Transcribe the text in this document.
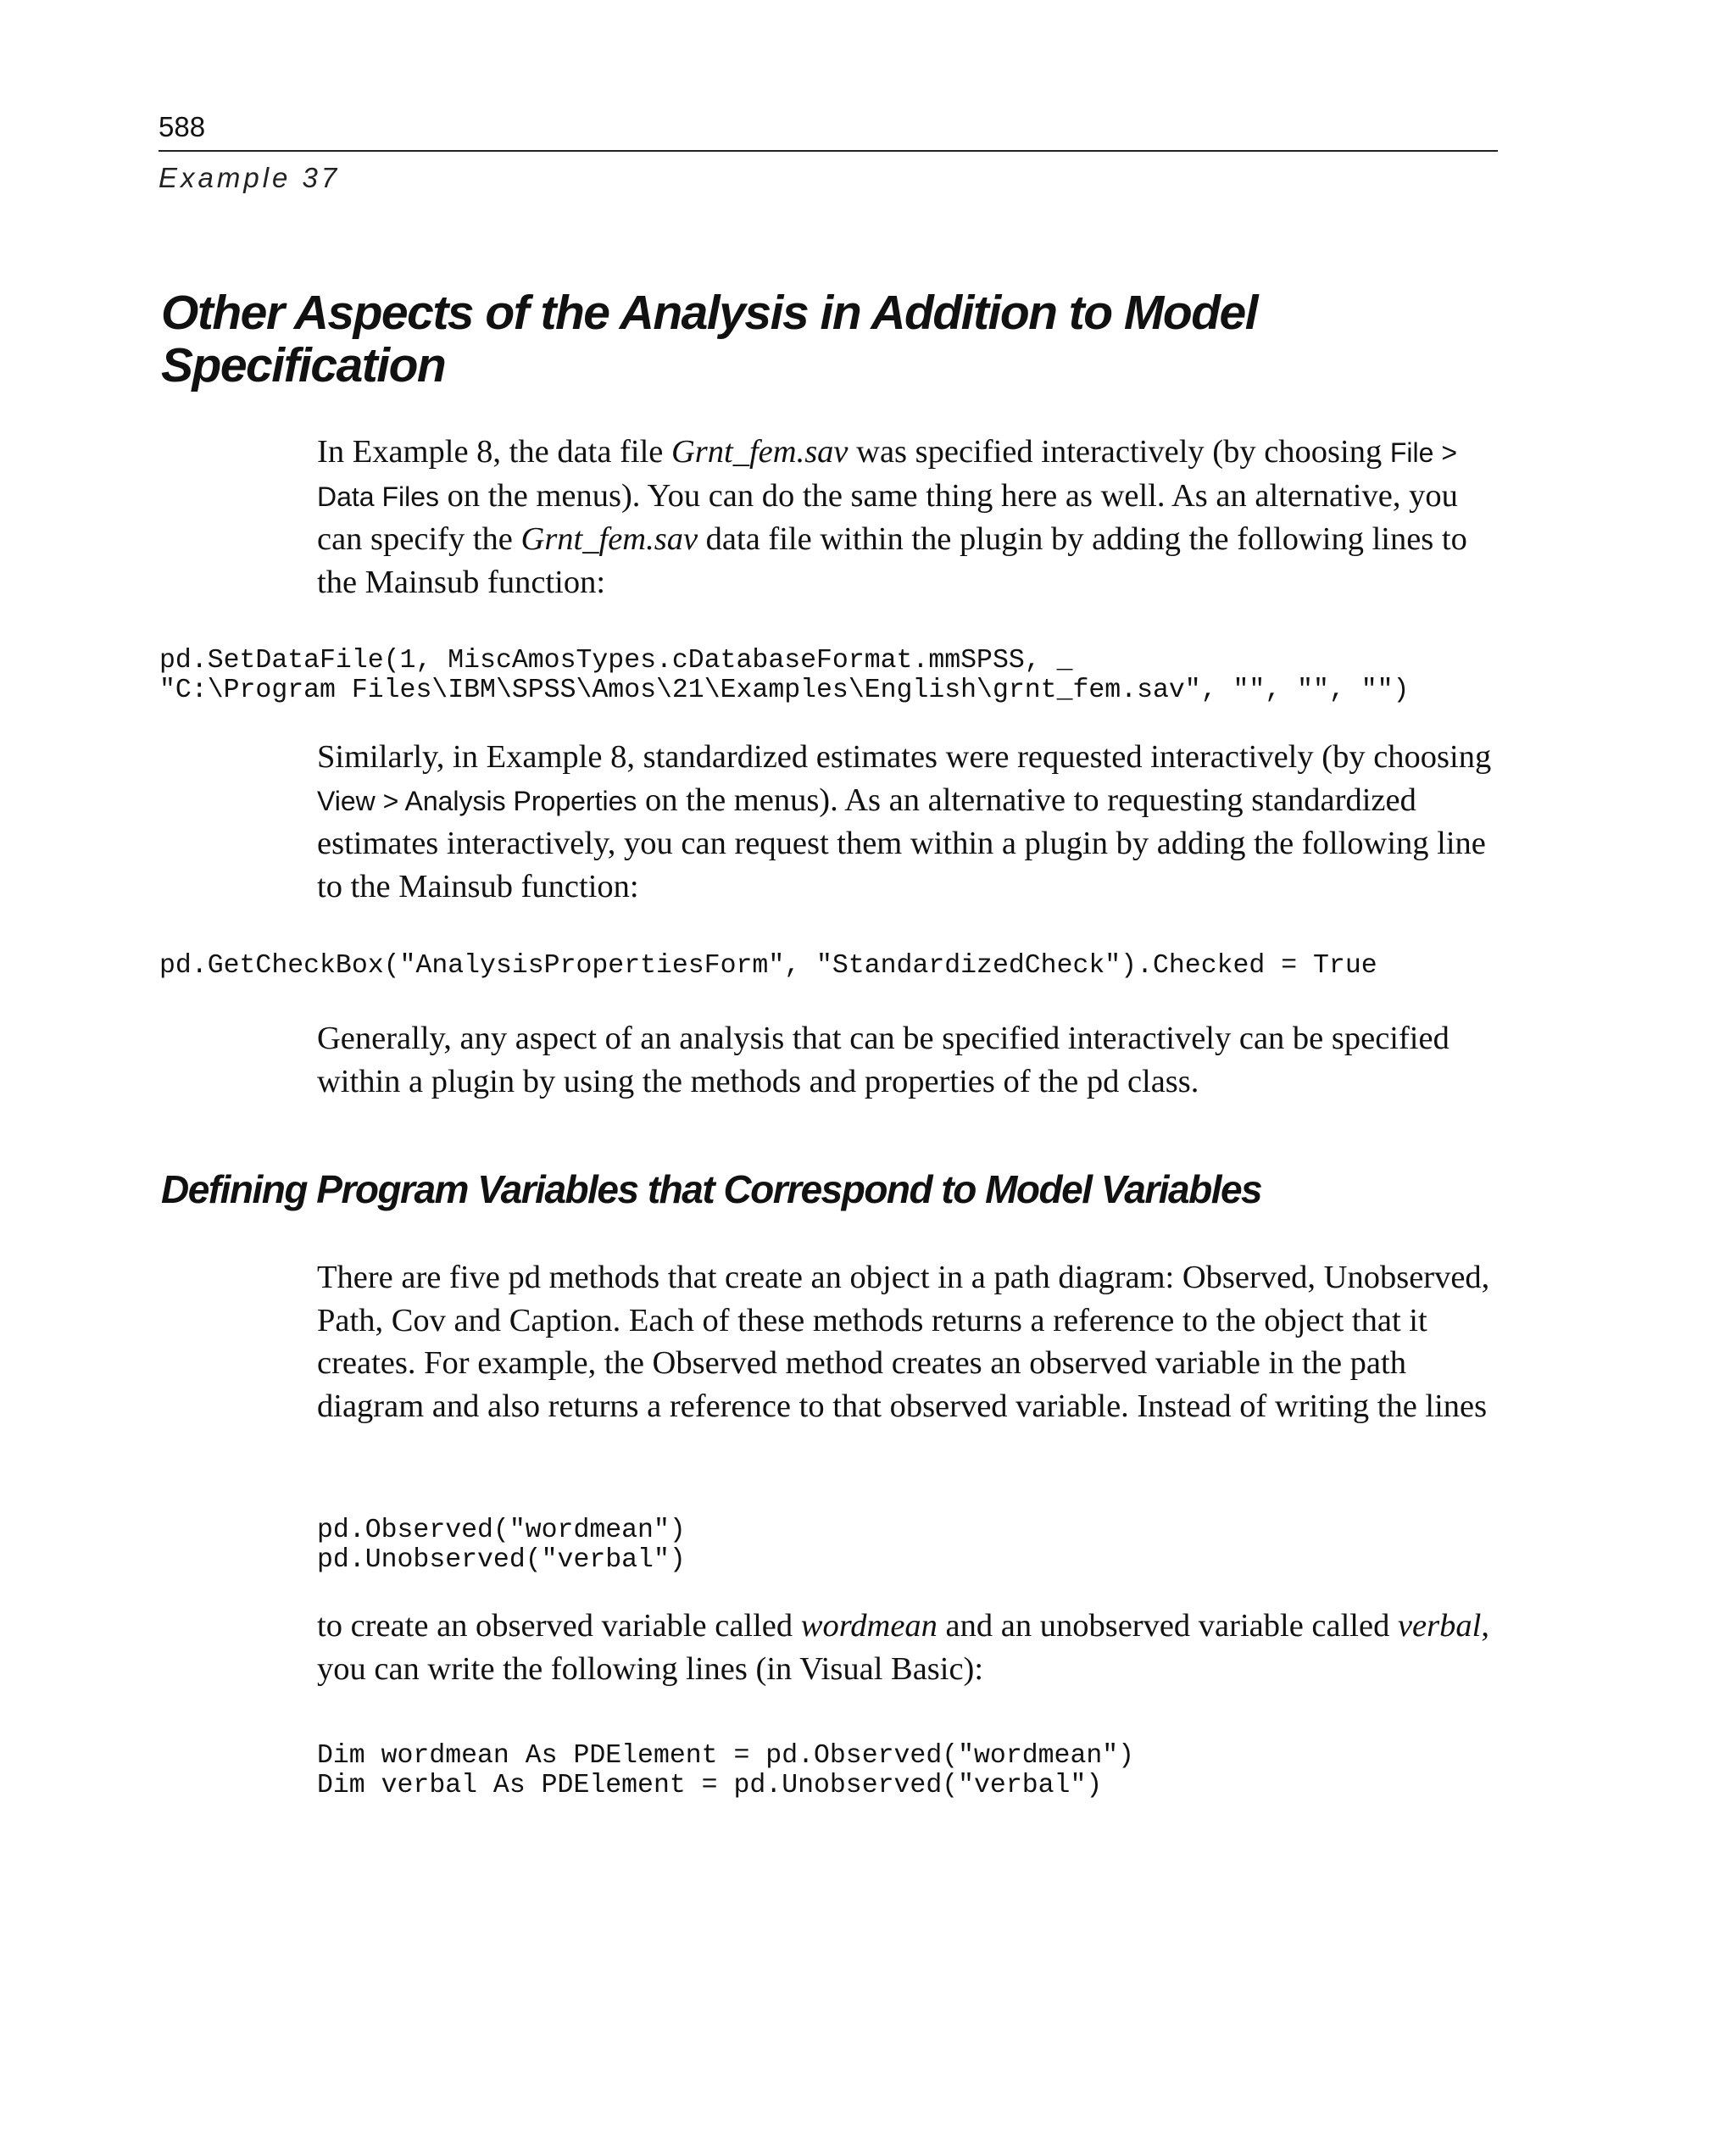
588
Example 37
Other Aspects of the Analysis in Addition to Model
Specification

In Example 8, the data file Grnt_fem.sav was specified interactively (by choosing File > Data Files on the menus). You can do the same thing here as well. As an alternative, you can specify the Grnt_fem.sav data file within the plugin by adding the following lines to the Mainsub function:

pd.SetDataFile(1, MiscAmosTypes.cDatabaseFormat.mmSPSS, _
"C:\Program Files\IBM\SPSS\Amos\21\Examples\English\grnt_fem.sav", "", "", "")

Similarly, in Example 8, standardized estimates were requested interactively (by choosing View > Analysis Properties on the menus). As an alternative to requesting standardized estimates interactively, you can request them within a plugin by adding the following line to the Mainsub function:

pd.GetCheckBox("AnalysisPropertiesForm", "StandardizedCheck").Checked = True

Generally, any aspect of an analysis that can be specified interactively can be specified within a plugin by using the methods and properties of the pd class.

Defining Program Variables that Correspond to Model Variables

There are five pd methods that create an object in a path diagram: Observed, Unobserved, Path, Cov and Caption. Each of these methods returns a reference to the object that it creates. For example, the Observed method creates an observed variable in the path diagram and also returns a reference to that observed variable. Instead of writing the lines

pd.Observed("wordmean")
pd.Unobserved("verbal")

to create an observed variable called wordmean and an unobserved variable called verbal, you can write the following lines (in Visual Basic):

Dim wordmean As PDElement = pd.Observed("wordmean")
Dim verbal As PDElement = pd.Unobserved("verbal")
